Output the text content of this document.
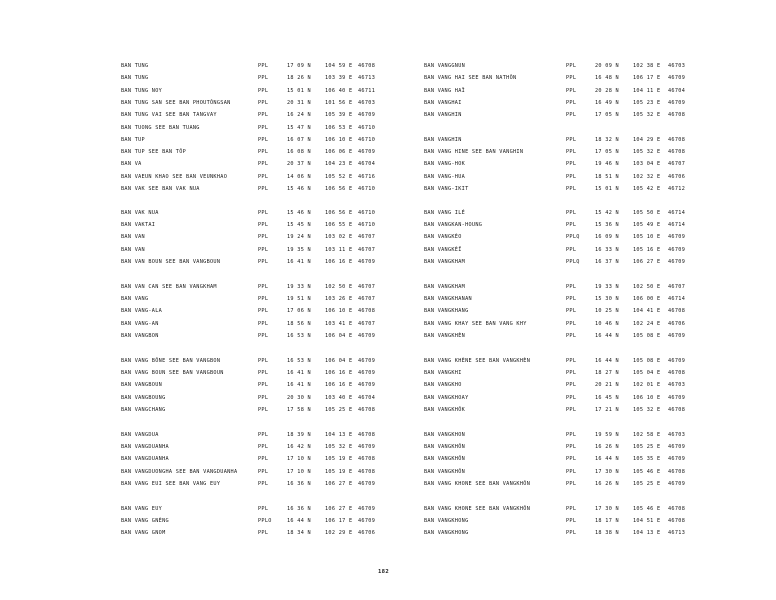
BAN TUNG	PPL	17 09 N	104 59 E 46708
BAN TUNG	PPL	18 26 N	103 39 E 46713
BAN TUNG NOY	PPL	15 01 N	106 40 E 46711
BAN TUNG SAN SEE BAN PHOUTÔNGSAN	PPL	20 31 N	101 56 E 46703
BAN TUNG VAI SEE BAN TANGVAY	PPL	16 24 N	105 39 E 46709
BAN TUONG SEE BAN TUANG	PPL	15 47 N	106 53 E 46710
BAN TUP	PPL	16 07 N	106 10 E 46710
BAN TUP SEE BAN TÔP	PPL	16 08 N	106 06 E 46709
BAN VA	PPL	20 37 N	104 23 E 46704
BAN VAEUN KHAO SEE BAN VEUNKHAO	PPL	14 06 N	105 52 E 46716
BAN VAK SEE BAN VAK NUA	PPL	15 46 N	106 56 E 46710
BAN VAK NUA	PPL	15 46 N	106 56 E 46710
BAN VAKTAI	PPL	15 45 N	106 55 E 46710
BAN VAN	PPL	19 24 N	103 02 E 46707
BAN VAN	PPL	19 35 N	103 11 E 46707
BAN VAN BOUN SEE BAN VANGBOUN	PPL	16 41 N	106 16 E 46709
BAN VAN CAN SEE BAN VANGKHAM	PPL	19 33 N	102 50 E 46707
BAN VANG	PPL	19 51 N	103 26 E 46707
BAN VANG-ALA	PPL	17 06 N	106 10 E 46708
BAN VANG-AN	PPL	18 56 N	103 41 E 46707
BAN VANGBON	PPL	16 53 N	106 04 E 46709
BAN VANG BÔNE SEE BAN VANGBON	PPL	16 53 N	106 04 E 46709
BAN VANG BOUN SEE BAN VANGBOUN	PPL	16 41 N	106 16 E 46709
BAN VANGBOUN	PPL	16 41 N	106 16 E 46709
BAN VANGBOUNG	PPL	20 30 N	103 40 E 46704
BAN VANGCHANG	PPL	17 58 N	105 25 E 46708
BAN VANGDUA	PPL	18 39 N	104 13 E 46708
BAN VANGDUANHA	PPL	16 42 N	105 32 E 46709
BAN VANGDUANHA	PPL	17 10 N	105 19 E 46708
BAN VANGDUONGHA SEE BAN VANGDUANHA	PPL	17 10 N	105 19 E 46708
BAN VANG EUI SEE BAN VANG EUY	PPL	16 36 N	106 27 E 46709
BAN VANG EUY	PPL	16 36 N	106 27 E 46709
BAN VANG GNÈNG	PPLO	16 44 N	106 17 E 46709
BAN VANG GNOM	PPL	18 34 N	102 29 E 46706
BAN VANGGNUN	PPL	20 09 N	102 38 E 46703
BAN VANG HAI SEE BAN NATHÔN	PPL	16 48 N	106 17 E 46709
BAN VANG HAÏ	PPL	20 28 N	104 11 E 46704
BAN VANGHAI	PPL	16 49 N	105 23 E 46709
BAN VANGHIN	PPL	17 05 N	105 32 E 46708
BAN VANGHIN	PPL	18 32 N	104 29 E 46708
BAN VANG HINE SEE BAN VANGHIN	PPL	17 05 N	105 32 E 46708
BAN VANG-HOK	PPL	19 46 N	103 04 E 46707
BAN VANG-HUA	PPL	18 51 N	102 32 E 46706
BAN VANG-IKIT	PPL	15 01 N	105 42 E 46712
BAN VANG ILÉ	PPL	15 42 N	105 50 E 46714
BAN VANGKAN-HOUNG	PPL	15 36 N	105 49 E 46714
BAN VANGKÈO	PPLQ	16 09 N	105 10 E 46709
BAN VANGKÈÏ	PPL	16 33 N	105 16 E 46709
BAN VANGKHAM	PPLQ	16 37 N	106 27 E 46709
BAN VANGKHAM	PPL	19 33 N	102 50 E 46707
BAN VANGKHANAN	PPL	15 30 N	106 00 E 46714
BAN VANGKHANG	PPL	10 25 N	104 41 E 46708
BAN VANG KHAY SEE BAN VANG KHY	PPL	10 46 N	102 24 E 46706
BAN VANGKHÈN	PPL	16 44 N	105 08 E 46709
BAN VANG KHÈNE SEE BAN VANGKHÈN	PPL	16 44 N	105 08 E 46709
BAN VANGKHI	PPL	18 27 N	105 04 E 46708
BAN VANGKHO	PPL	20 21 N	102 01 E 46703
BAN VANGKHOAY	PPL	16 45 N	106 10 E 46709
BAN VANGKHÔK	PPL	17 21 N	105 32 E 46708
BAN VANGKHON	PPL	19 59 N	102 58 E 46703
BAN VANGKHÔN	PPL	16 26 N	105 25 E 46709
BAN VANGKHÔN	PPL	16 44 N	105 35 E 46709
BAN VANGKHÔN	PPL	17 30 N	105 46 E 46708
BAN VANG KHONE SEE BAN VANGKHÔN	PPL	16 26 N	105 25 E 46709
BAN VANG KHONE SEE BAN VANGKHÔN	PPL	17 30 N	105 46 E 46708
BAN VANGKHONG	PPL	18 17 N	104 51 E 46708
BAN VANGKHONG	PPL	18 38 N	104 13 E 46713
182
